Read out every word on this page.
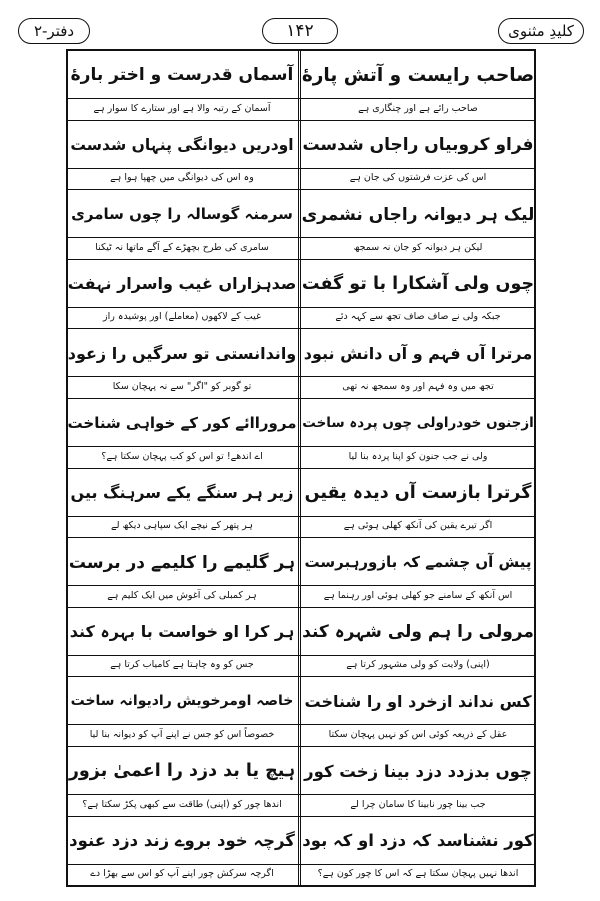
دفتر-۲	۱۴۲	کلیدِ مثنوی
صاحب رایست و آتش پارهٔ
آسماں قدرست و اختر بارهٔ
صاحب رائے ہے اور چنگاری ہے
آسمان کے رتبہ والا ہے اور ستارے کا سوار ہے
فراو کروبیاں راجاں شدست
اودریں دیوانگی پنہاں شدست
اس کی عزت فرشتوں کی جان ہے
وہ اس کی دیوانگی میں چھپا ہوا ہے
لیک ہر دیوانہ راجاں نشمری
سرمنہ گوسالہ را چوں سامری
لیکن ہر دیوانہ کو جان نہ سمجھ
سامری کی طرح بچھڑے کے آگے ماتھا نہ ٹیکنا
چوں ولی آشکارا با تو گفت
صدہزاراں غیب واسرار نہفت
جبکہ ولی نے صاف صاف تجھ سے کہہ دئے
غیب کے لاکھوں (معاملے) اور پوشیدہ راز
مرترا آں فہم و آں دانش نبود
واندانستی تو سرگیں را زعود
تجھ میں وہ فہم اور وہ سمجھ نہ تھی
تو گوبر کو "اگر" سے نہ پہچان سکا
ازجنوں خودراولی چوں پردہ ساخت
مروراائے کور کے خواہی شناخت
ولی نے جب جنون کو اپنا پردہ بنا لیا
اے اندھے! تو اس کو کب پہچان سکتا ہے؟
گرترا بازست آں دیدہ یقیں
زیر ہر سنگے یکے سرہنگ بیں
اگر تیرے یقین کی آنکھ کھلی ہوئی ہے
ہر پتھر کے نیچے ایک سپاہی دیکھ لے
پیش آں چشمے کہ بازورہبرست
ہر گلیمے را کلیمے در برست
اس آنکھ کے سامنے جو کھلی ہوئی اور رہنما ہے
ہر کمبلی کی آغوش میں ایک کلیم ہے
مرولی را ہم ولی شہرہ کند
ہر کرا او خواست با بہرہ کند
(اپنی) ولایت کو ولی مشہور کرتا ہے
جس کو وہ چاہتا ہے کامیاب کرتا ہے
کس نداند ازخرد او را شناخت
خاصہ اومرخویش رادیوانہ ساخت
عقل کے ذریعہ کوئی اس کو نہیں پہچان سکتا
خصوصاً اس کو جس نے اپنے آپ کو دیوانہ بنا لیا
چوں بدزدد دزد بینا زخت کور
ہیچ یا بد دزد را اعمیٰ بزور
جب بینا چور نابینا کا سامان چرا لے
اندھا چور کو (اپنی) طاقت سے کبھی پکڑ سکتا ہے؟
کور نشناسد کہ دزد او کہ بود
گرچہ خود بروے زند دزد عنود
اندھا نہیں پہچان سکتا ہے کہ اس کا چور کون ہے؟
اگرچہ سرکش چور اپنے آپ کو اس سے بھڑا دے
